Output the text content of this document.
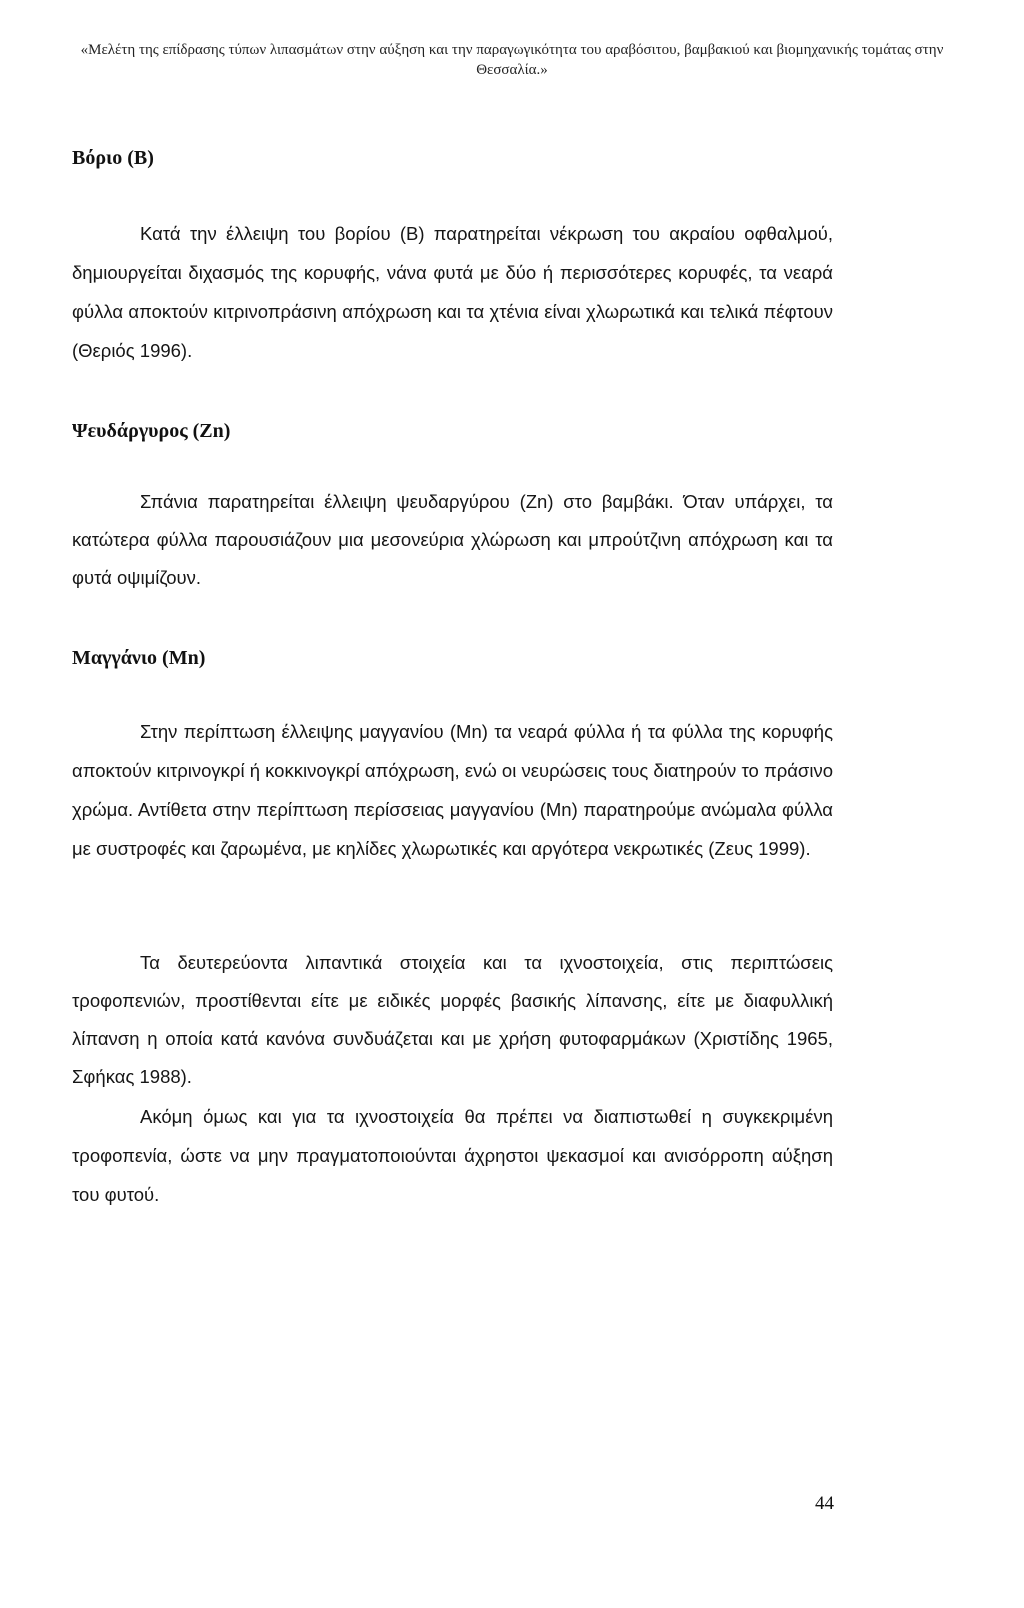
«Μελέτη της επίδρασης τύπων λιπασμάτων στην αύξηση και την παραγωγικότητα του αραβόσιτου, βαμβακιού και βιομηχανικής τομάτας στην Θεσσαλία.»
Βόριο (Β)
Κατά την έλλειψη του βορίου (Β) παρατηρείται νέκρωση του ακραίου οφθαλμού, δημιουργείται διχασμός της κορυφής, νάνα φυτά με δύο ή περισσότερες κορυφές, τα νεαρά φύλλα αποκτούν κιτρινοπράσινη απόχρωση και τα χτένια είναι χλωρωτικά και τελικά πέφτουν (Θεριός 1996).
Ψευδάργυρος (Zn)
Σπάνια παρατηρείται έλλειψη ψευδαργύρου (Zn) στο βαμβάκι. Όταν υπάρχει, τα κατώτερα φύλλα παρουσιάζουν μια μεσονεύρια χλώρωση και μπρούτζινη απόχρωση και τα φυτά οψιμίζουν.
Μαγγάνιο (Mn)
Στην περίπτωση έλλειψης μαγγανίου (Mn) τα νεαρά φύλλα ή τα φύλλα της κορυφής αποκτούν κιτρινογκρί ή κοκκινογκρί απόχρωση, ενώ οι νευρώσεις τους διατηρούν το πράσινο χρώμα. Αντίθετα στην περίπτωση περίσσειας μαγγανίου (Mn) παρατηρούμε ανώμαλα φύλλα με συστροφές και ζαρωμένα, με κηλίδες χλωρωτικές και αργότερα νεκρωτικές (Ζευς 1999).
Τα δευτερεύοντα λιπαντικά στοιχεία και τα ιχνοστοιχεία, στις περιπτώσεις τροφοπενιών, προστίθενται είτε με ειδικές μορφές βασικής λίπανσης, είτε με διαφυλλική λίπανση η οποία κατά κανόνα συνδυάζεται και με χρήση φυτοφαρμάκων (Χριστίδης 1965, Σφήκας 1988).
Ακόμη όμως και για τα ιχνοστοιχεία θα πρέπει να διαπιστωθεί η συγκεκριμένη τροφοπενία, ώστε να μην πραγματοποιούνται άχρηστοι ψεκασμοί και ανισόρροπη αύξηση του φυτού.
44
